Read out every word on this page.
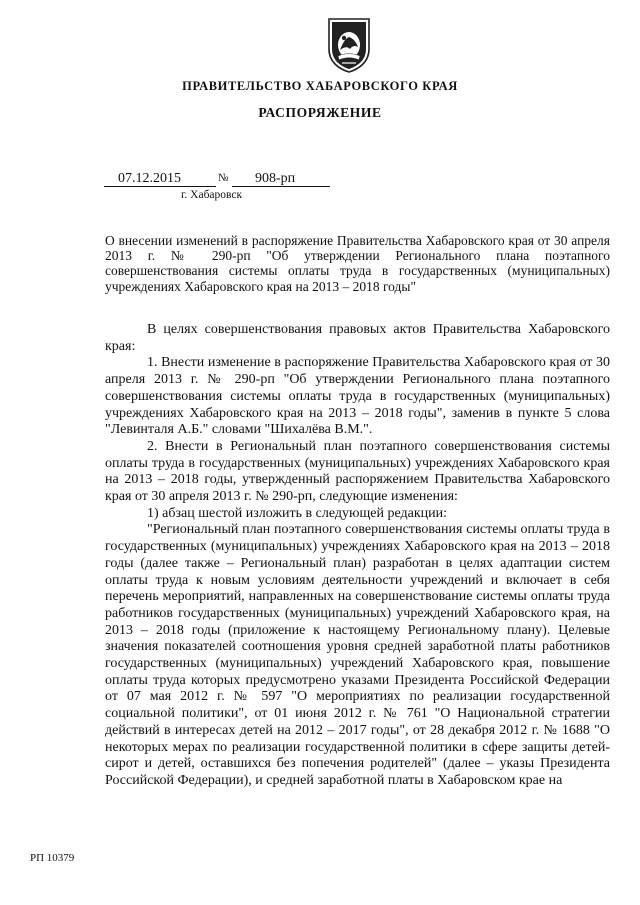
ПРАВИТЕЛЬСТВО ХАБАРОВСКОГО КРАЯ
РАСПОРЯЖЕНИЕ
07.12.2015	№ 908-рп
г. Хабаровск
О внесении изменений в распоряжение Правительства Хабаровского края от 30 апреля 2013 г. № 290-рп "Об утверждении Регионального плана поэтапного совершенствования системы оплаты труда в государственных (муниципальных) учреждениях Хабаровского края на 2013 – 2018 годы"

В целях совершенствования правовых актов Правительства Хабаровского края:

1. Внести изменение в распоряжение Правительства Хабаровского края от 30 апреля 2013 г. № 290-рп "Об утверждении Регионального плана поэтапного совершенствования системы оплаты труда в государственных (муниципальных) учреждениях Хабаровского края на 2013 – 2018 годы", заменив в пункте 5 слова "Левинталя А.Б." словами "Шихалёва В.М.".

2. Внести в Региональный план поэтапного совершенствования системы оплаты труда в государственных (муниципальных) учреждениях Хабаровского края на 2013 – 2018 годы, утвержденный распоряжением Правительства Хабаровского края от 30 апреля 2013 г. № 290-рп, следующие изменения:

1) абзац шестой изложить в следующей редакции:

"Региональный план поэтапного совершенствования системы оплаты труда в государственных (муниципальных) учреждениях Хабаровского края на 2013 – 2018 годы (далее также – Региональный план) разработан в целях адаптации систем оплаты труда к новым условиям деятельности учреждений и включает в себя перечень мероприятий, направленных на совершенствование системы оплаты труда работников государственных (муниципальных) учреждений Хабаровского края, на 2013 – 2018 годы (приложение к настоящему Региональному плану). Целевые значения показателей соотношения уровня средней заработной платы работников государственных (муниципальных) учреждений Хабаровского края, повышение оплаты труда которых предусмотрено указами Президента Российской Федерации от 07 мая 2012 г. № 597 "О мероприятиях по реализации государственной социальной политики", от 01 июня 2012 г. № 761 "О Национальной стратегии действий в интересах детей на 2012 – 2017 годы", от 28 декабря 2012 г. № 1688 "О некоторых мерах по реализации государственной политики в сфере защиты детей-сирот и детей, оставшихся без попечения родителей" (далее – указы Президента Российской Федерации), и средней заработной платы в Хабаровском крае на

РП 10379
